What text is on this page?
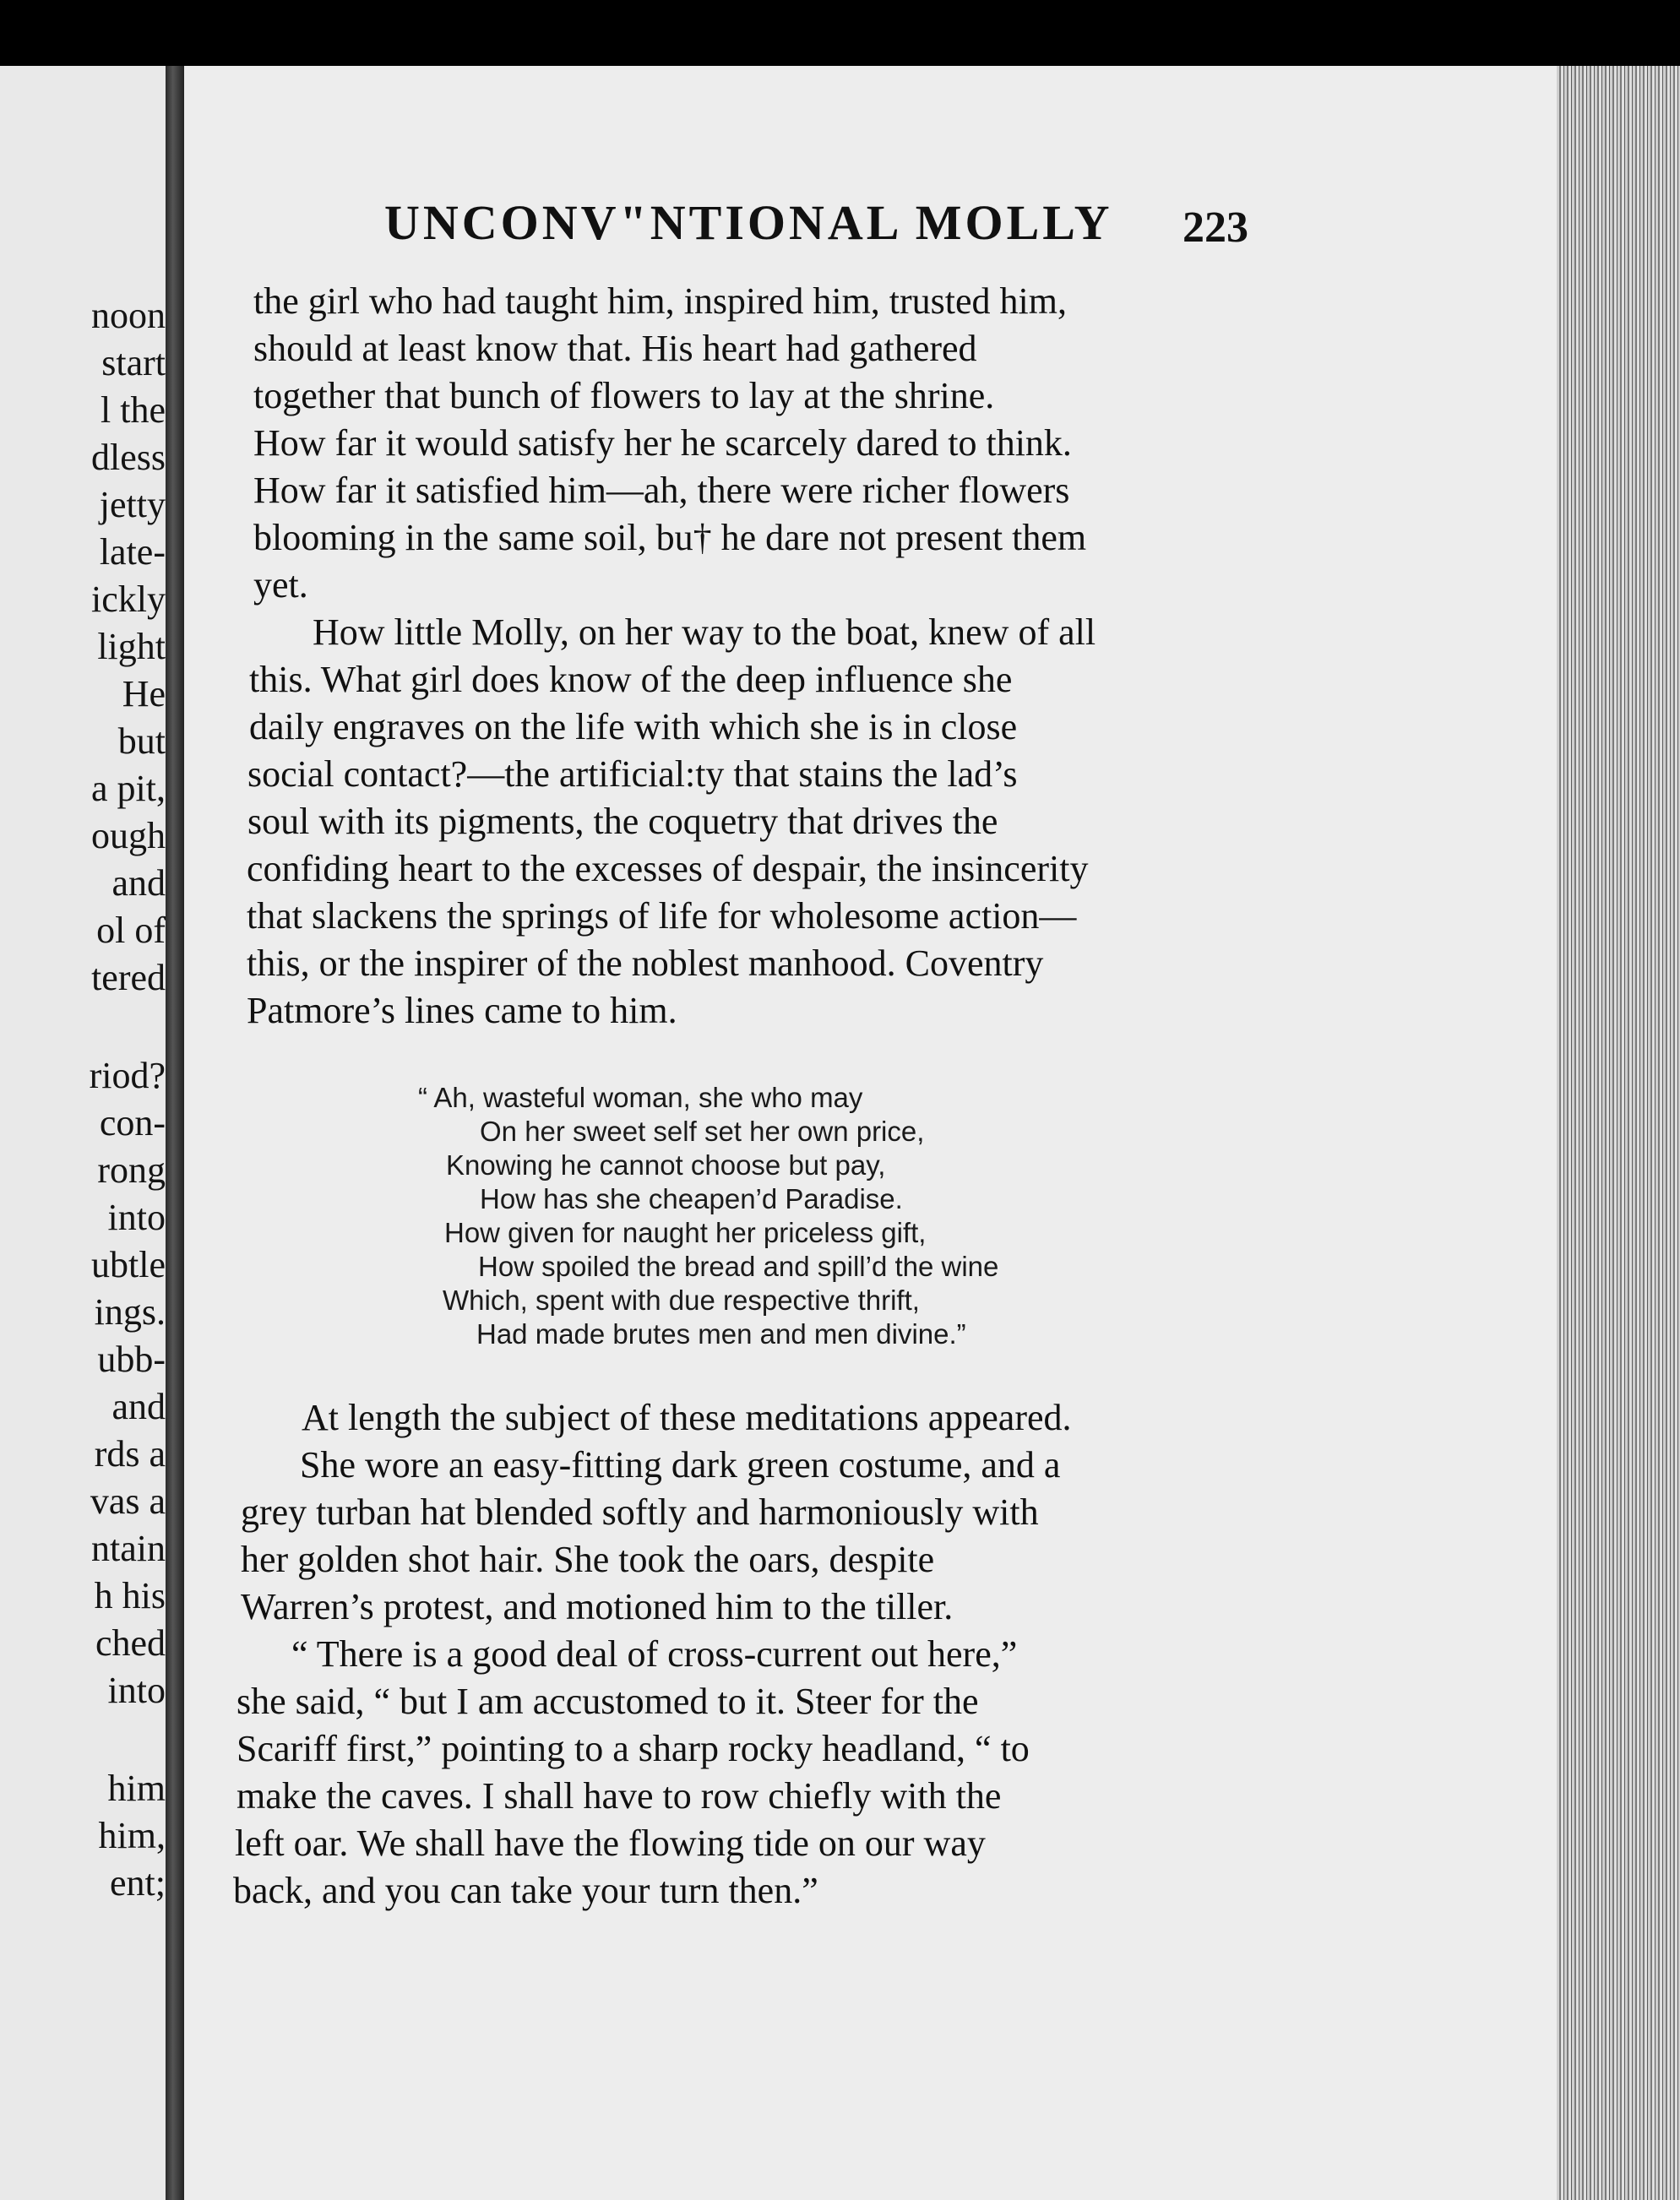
noon
start
l the
dless
jetty
late-
ickly
light
He
but
a pit,
ough
and
ol of
tered
riod?
con-
rong
into
ubtle
ings.
ubb-
and
rds a
vas a
ntain
h his
ched
into
him
him,
ent;
UNCONV"NTIONAL MOLLY 223
the girl who had taught him, inspired him, trusted him,
should at least know that. His heart had gathered
together that bunch of flowers to lay at the shrine.
How far it would satisfy her he scarcely dared to think.
How far it satisfied him—ah, there were richer flowers
blooming in the same soil, bu† he dare not present them
yet.
How little Molly, on her way to the boat, knew of all
this. What girl does know of the deep influence she
daily engraves on the life with which she is in close
social contact?—the artificial:ty that stains the lad’s
soul with its pigments, the coquetry that drives the
confiding heart to the excesses of despair, the insincerity
that slackens the springs of life for wholesome action—
this, or the inspirer of the noblest manhood. Coventry
Patmore’s lines came to him.
“ Ah, wasteful woman, she who may
On her sweet self set her own price,
Knowing he cannot choose but pay,
How has she cheapen’d Paradise.
How given for naught her priceless gift,
How spoiled the bread and spill’d the wine
Which, spent with due respective thrift,
Had made brutes men and men divine.”
At length the subject of these meditations appeared.
She wore an easy-fitting dark green costume, and a
grey turban hat blended softly and harmoniously with
her golden shot hair. She took the oars, despite
Warren’s protest, and motioned him to the tiller.
“ There is a good deal of cross-current out here,”
she said, “ but I am accustomed to it. Steer for the
Scariff first,” pointing to a sharp rocky headland, “ to
make the caves. I shall have to row chiefly with the
left oar. We shall have the flowing tide on our way
back, and you can take your turn then.”
